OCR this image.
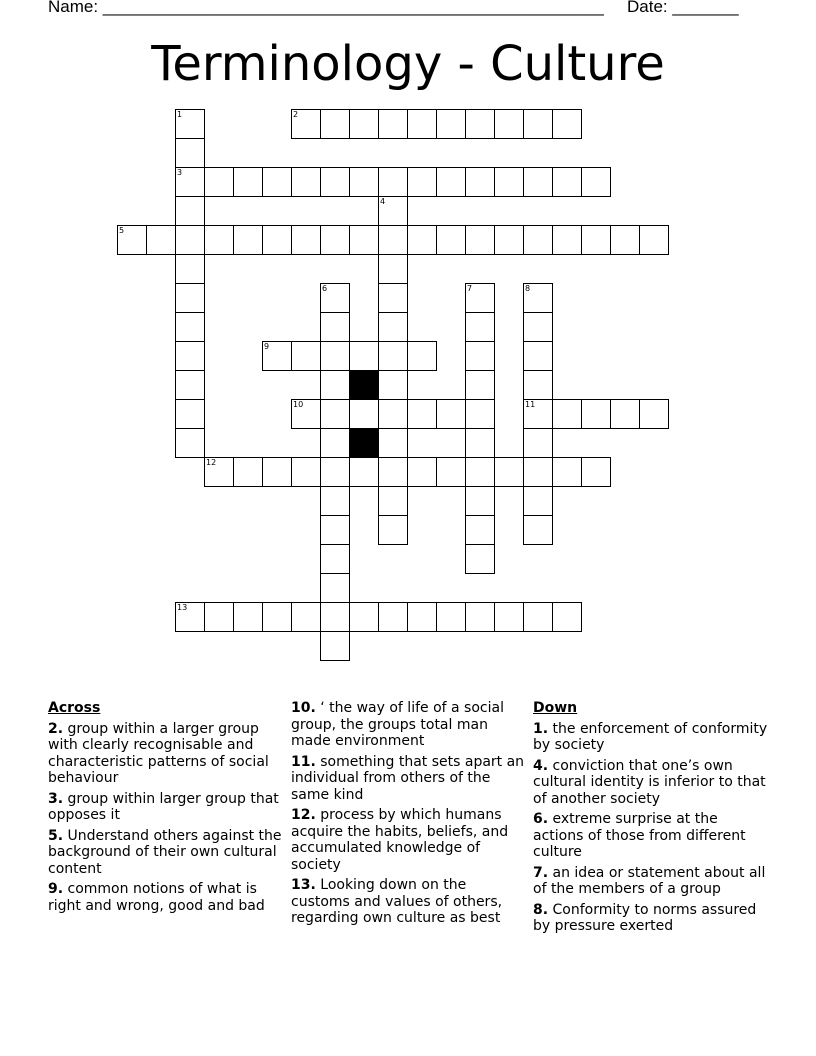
Name: _____________________________________________________ Date: _______
Terminology - Culture
1	2
3
4
5
6	7	8
9
10	11
12
13
Across
2. group within a larger group with clearly recognisable and characteristic patterns of social behaviour
3. group within larger group that opposes it
5. Understand others against the background of their own cultural content
9. common notions of what is right and wrong, good and bad
10. ‘ the way of life of a social group, the groups total man made environment
11. something that sets apart an individual from others of the same kind
12. process by which humans acquire the habits, beliefs, and accumulated knowledge of society
13. Looking down on the customs and values of others, regarding own culture as best
Down
1. the enforcement of conformity by society
4. conviction that one’s own cultural identity is inferior to that of another society
6. extreme surprise at the actions of those from different culture
7. an idea or statement about all of the members of a group
8. Conformity to norms assured by pressure exerted
